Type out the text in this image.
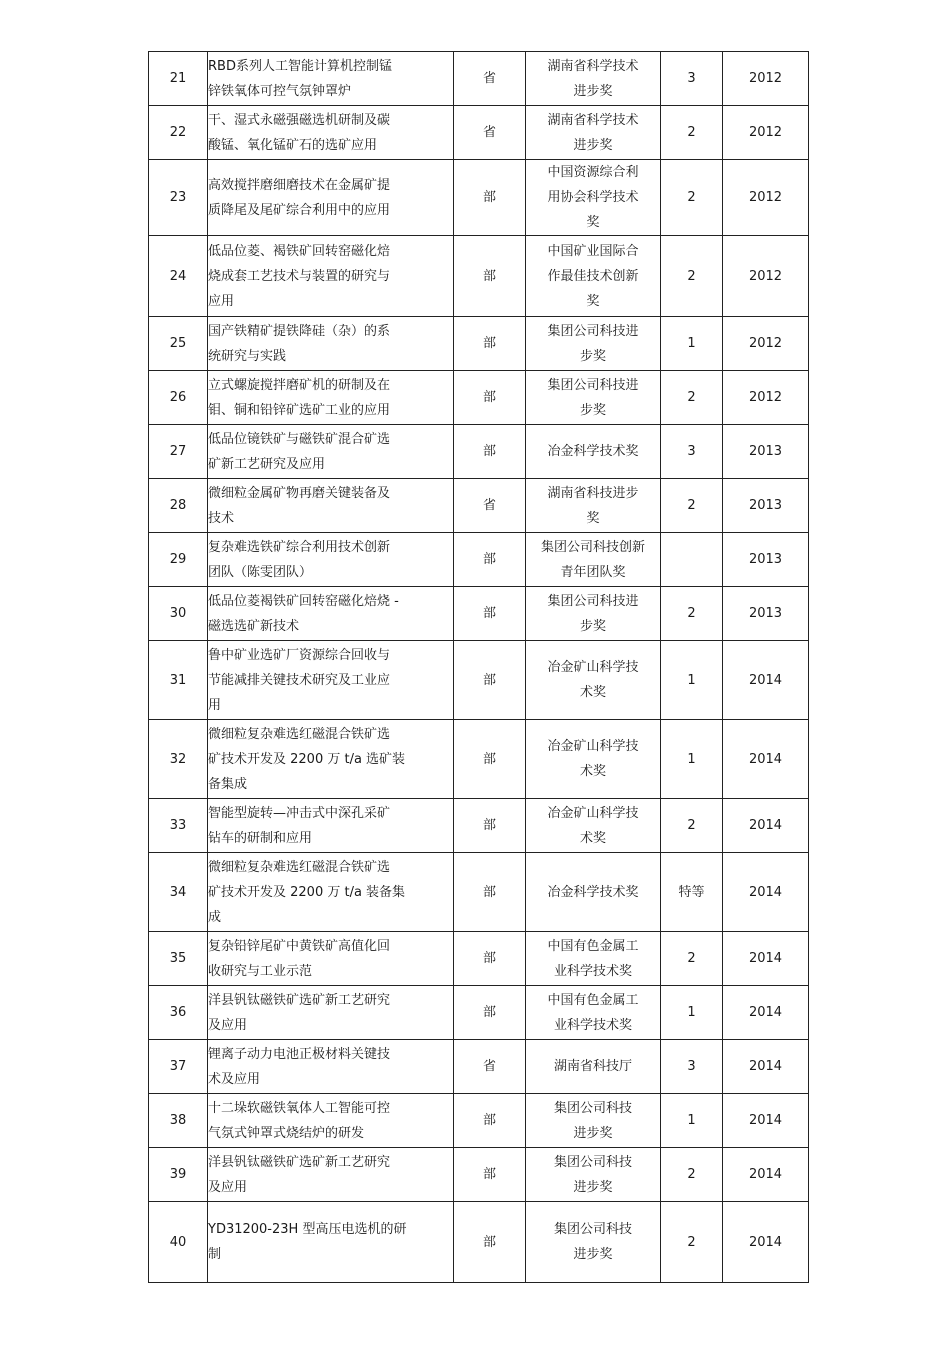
21	RBD系列人工智能计算机控制锰
锌铁氧体可控气氛钟罩炉	省	湖南省科学技术
进步奖	3	2012

22	干、湿式永磁强磁选机研制及碳
酸锰、氧化锰矿石的选矿应用	省	湖南省科学技术
进步奖	2	2012

23	高效搅拌磨细磨技术在金属矿提
质降尾及尾矿综合利用中的应用	部	中国资源综合利
用协会科学技术
奖	2	2012

24	低品位菱、褐铁矿回转窑磁化焙
烧成套工艺技术与装置的研究与
应用	部	中国矿业国际合
作最佳技术创新
奖	2	2012

25	国产铁精矿提铁降硅（杂）的系
统研究与实践	部	集团公司科技进
步奖	1	2012

26	立式螺旋搅拌磨矿机的研制及在
钼、铜和铅锌矿选矿工业的应用	部	集团公司科技进
步奖	2	2012

27	低品位镜铁矿与磁铁矿混合矿选
矿新工艺研究及应用	部	冶金科学技术奖	3	2013

28	微细粒金属矿物再磨关键装备及
技术	省	湖南省科技进步
奖	2	2013

29	复杂难选铁矿综合利用技术创新
团队（陈雯团队）	部	集团公司科技创新
青年团队奖		2013

30	低品位菱褐铁矿回转窑磁化焙烧 -
磁选选矿新技术	部	集团公司科技进
步奖	2	2013

31	鲁中矿业选矿厂资源综合回收与
节能减排关键技术研究及工业应
用	部	冶金矿山科学技
术奖	1	2014

32	微细粒复杂难选红磁混合铁矿选
矿技术开发及 2200 万 t/a 选矿装
备集成	部	冶金矿山科学技
术奖	1	2014

33	智能型旋转—冲击式中深孔采矿
钻车的研制和应用	部	冶金矿山科学技
术奖	2	2014

34	微细粒复杂难选红磁混合铁矿选
矿技术开发及 2200 万 t/a 装备集
成	部	冶金科学技术奖	特等	2014

35	复杂铅锌尾矿中黄铁矿高值化回
收研究与工业示范	部	中国有色金属工
业科学技术奖	2	2014

36	洋县钒钛磁铁矿选矿新工艺研究
及应用	部	中国有色金属工
业科学技术奖	1	2014

37	锂离子动力电池正极材料关键技
术及应用	省	湖南省科技厅	3	2014

38	十二垛软磁铁氧体人工智能可控
气氛式钟罩式烧结炉的研发	部	集团公司科技
进步奖	1	2014

39	洋县钒钛磁铁矿选矿新工艺研究
及应用	部	集团公司科技
进步奖	2	2014

40	YD31200-23H 型高压电选机的研
制	部	集团公司科技
进步奖	2	2014
